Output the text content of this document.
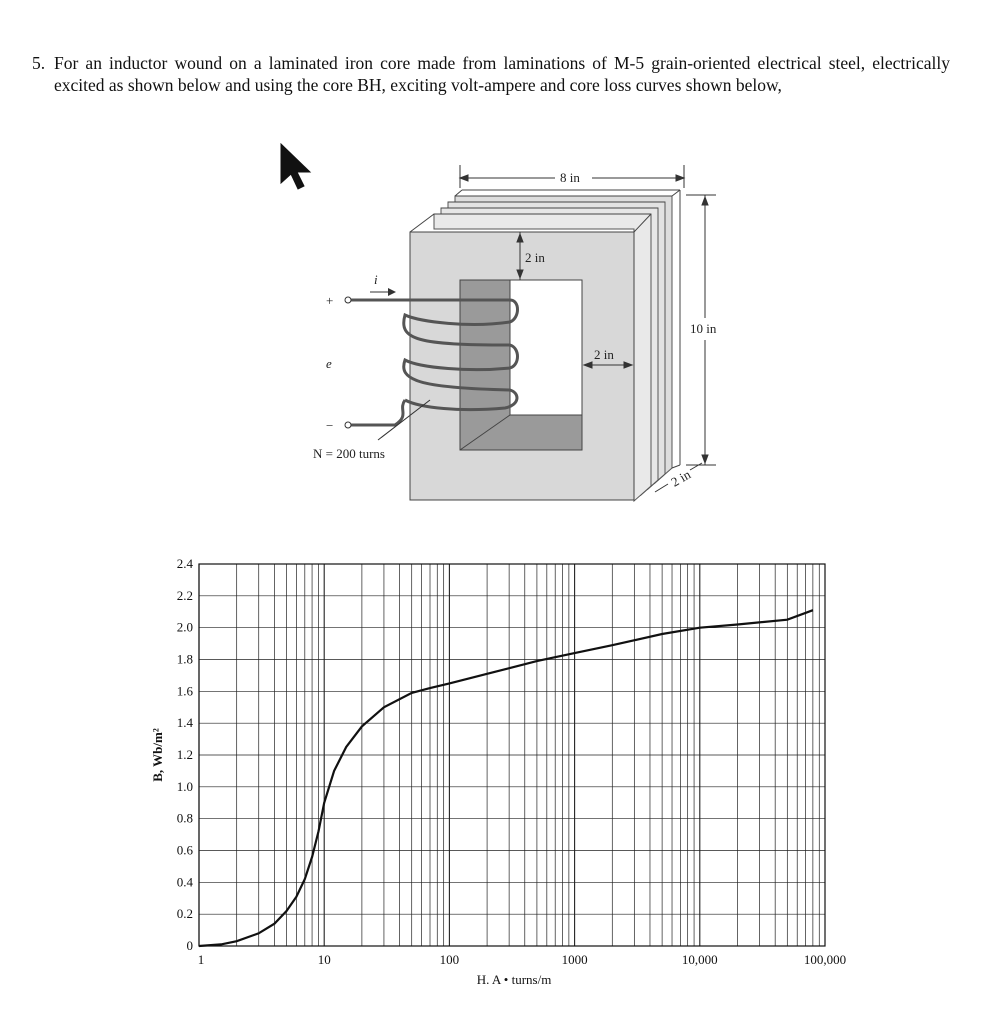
5. For an inductor wound on a laminated iron core made from laminations of M-5 grain-oriented electrical steel, electrically excited as shown below and using the core BH, exciting volt-ampere and core loss curves shown below,
+
−
e
i
N = 200 turns
8 in
2 in
2 in
10 in
2 in
0
0.2
0.4
0.6
0.8
1.0
1.2
1.4
1.6
1.8
2.0
2.2
2.4
1	10	100	1000	10,000	100,000
B, Wb/m²
H. A • turns/m
